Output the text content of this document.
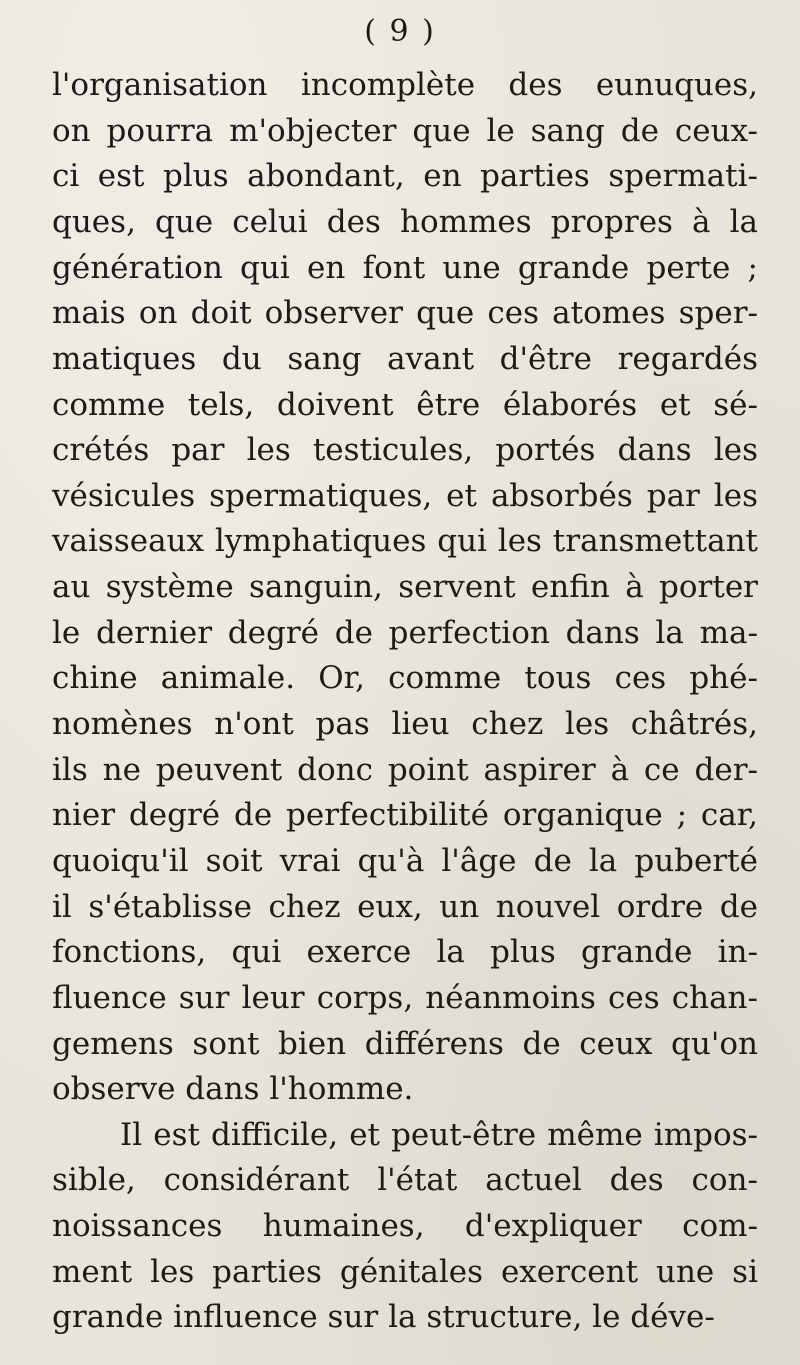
( 9 )
l'organisation incomplète des eunuques,
on pourra m'objecter que le sang de ceux-
ci est plus abondant, en parties spermati-
ques, que celui des hommes propres à la
génération qui en font une grande perte ;
mais on doit observer que ces atomes sper-
matiques du sang avant d'être regardés
comme tels, doivent être élaborés et sé-
crétés par les testicules, portés dans les
vésicules spermatiques, et absorbés par les
vaisseaux lymphatiques qui les transmettant
au système sanguin, servent enfin à porter
le dernier degré de perfection dans la ma-
chine animale. Or, comme tous ces phé-
nomènes n'ont pas lieu chez les châtrés,
ils ne peuvent donc point aspirer à ce der-
nier degré de perfectibilité organique ; car,
quoiqu'il soit vrai qu'à l'âge de la puberté
il s'établisse chez eux, un nouvel ordre de
fonctions, qui exerce la plus grande in-
fluence sur leur corps, néanmoins ces chan-
gemens sont bien différens de ceux qu'on
observe dans l'homme.
Il est difficile, et peut-être même impos-
sible, considérant l'état actuel des con-
noissances humaines, d'expliquer com-
ment les parties génitales exercent une si
grande influence sur la structure, le déve-
